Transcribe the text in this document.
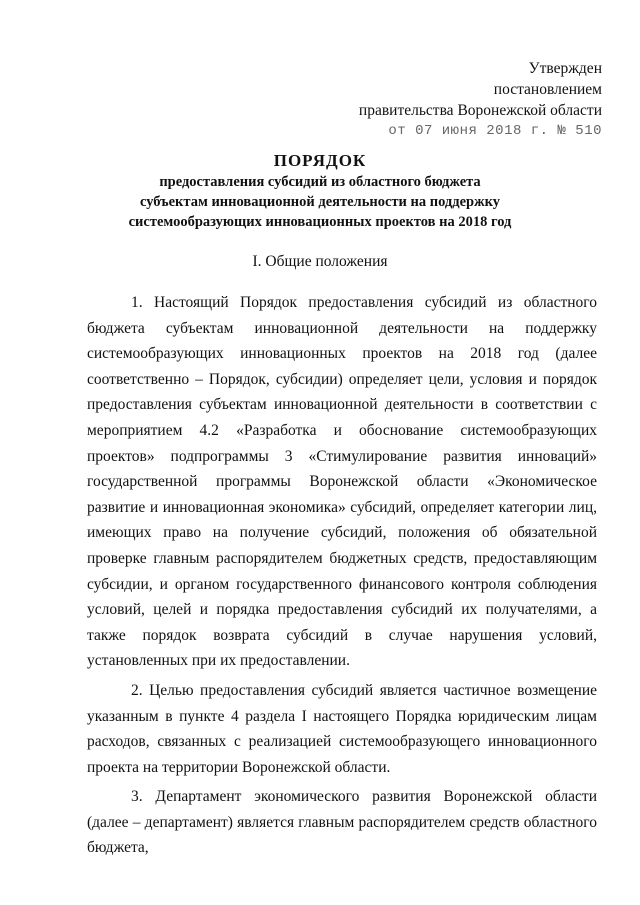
Утвержден
постановлением
правительства Воронежской области
от 07 июня 2018 г. № 510
ПОРЯДОК
предоставления субсидий из областного бюджета
субъектам инновационной деятельности на поддержку
системообразующих инновационных проектов на 2018 год
I. Общие положения

1. Настоящий Порядок предоставления субсидий из областного бюджета субъектам инновационной деятельности на поддержку системообразующих инновационных проектов на 2018 год (далее соответственно – Порядок, субсидии) определяет цели, условия и порядок предоставления субъектам инновационной деятельности в соответствии с мероприятием 4.2 «Разработка и обоснование системообразующих проектов» подпрограммы 3 «Стимулирование развития инноваций» государственной программы Воронежской области «Экономическое развитие и инновационная экономика» субсидий, определяет категории лиц, имеющих право на получение субсидий, положения об обязательной проверке главным распорядителем бюджетных средств, предоставляющим субсидии, и органом государственного финансового контроля соблюдения условий, целей и порядка предоставления субсидий их получателями, а также порядок возврата субсидий в случае нарушения условий, установленных при их предоставлении.

2. Целью предоставления субсидий является частичное возмещение указанным в пункте 4 раздела I настоящего Порядка юридическим лицам расходов, связанных с реализацией системообразующего инновационного проекта на территории Воронежской области.

3. Департамент экономического развития Воронежской области (далее – департамент) является главным распорядителем средств областного бюджета,
